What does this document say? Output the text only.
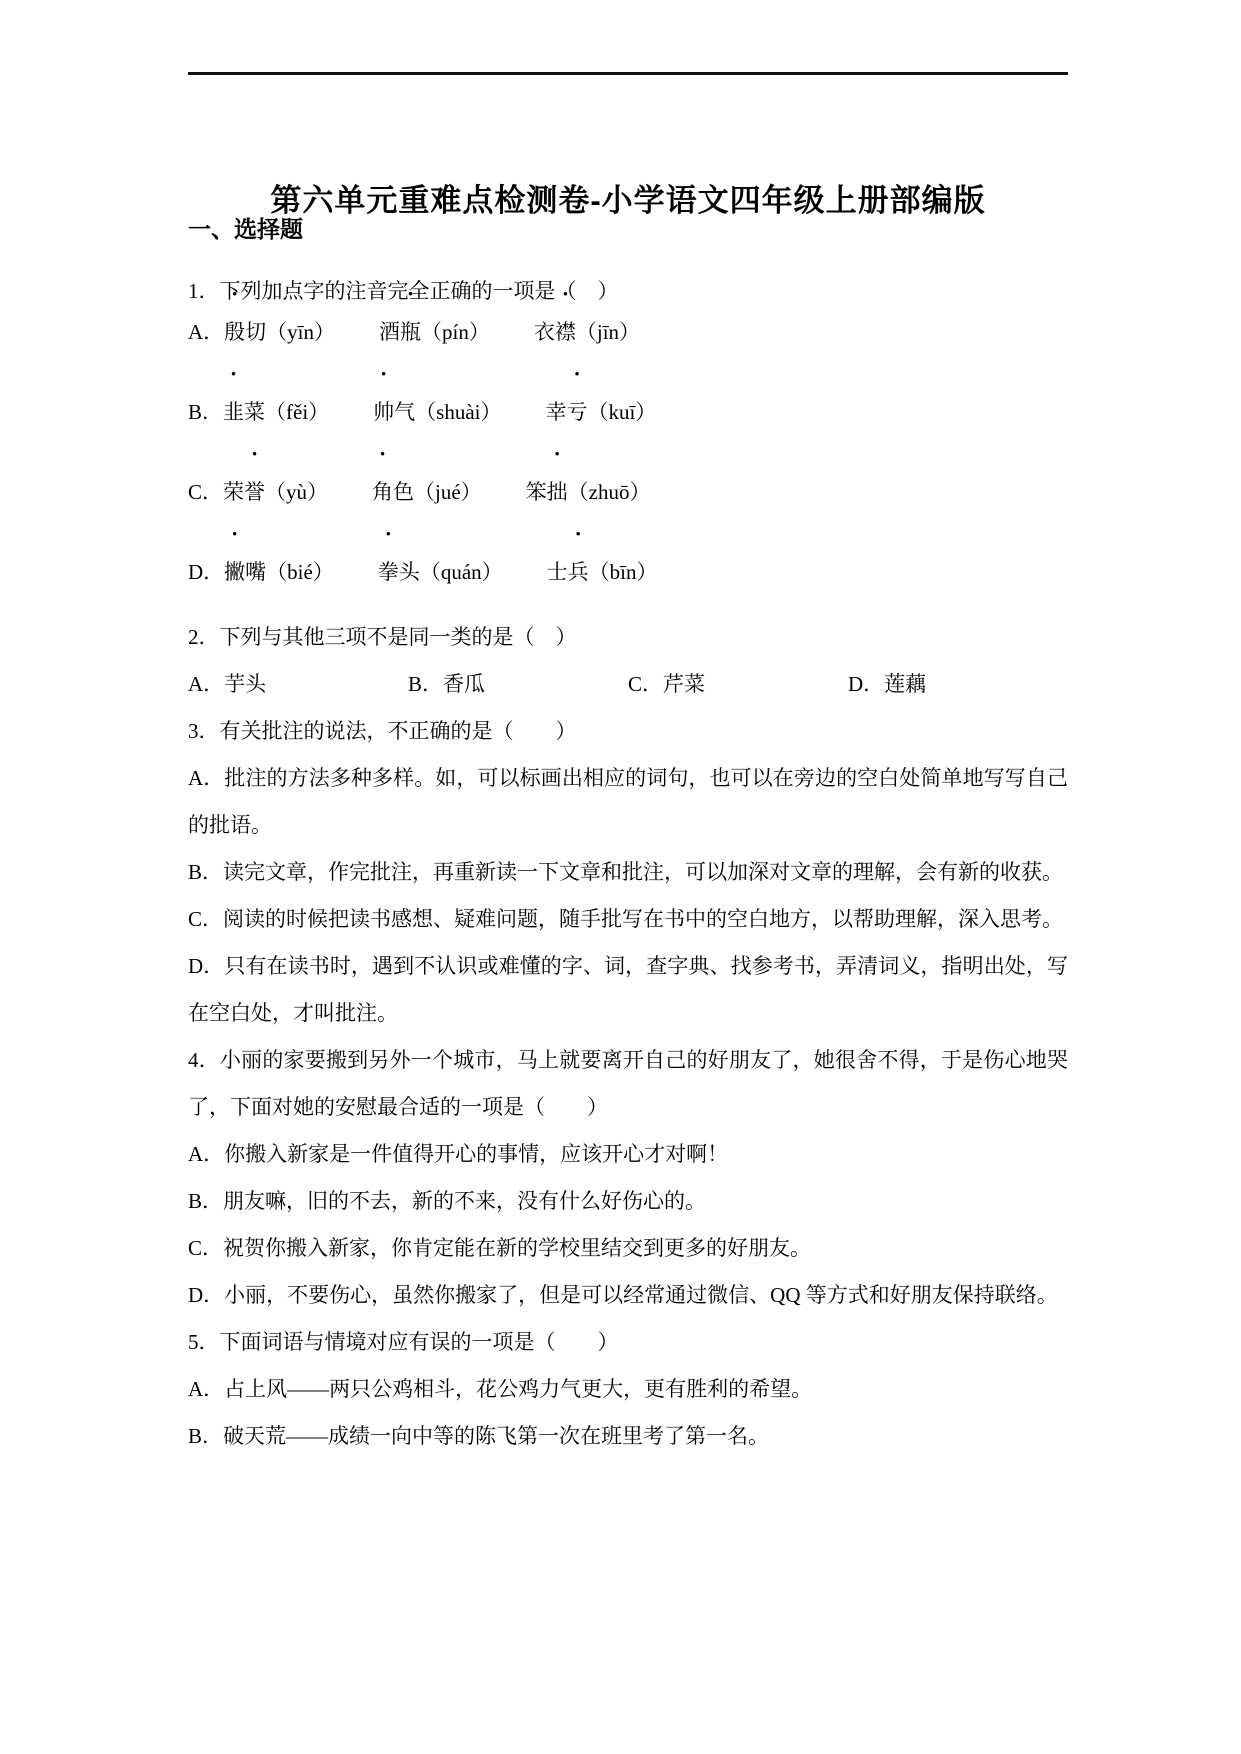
第六单元重难点检测卷-小学语文四年级上册部编版
一、选择题

1．下列加点字的注音完全正确的一项是（　）

A．殷切（yīn） 酒瓶（pín） 衣襟（jīn）
B．韭菜（fěi） 帅气（shuài） 幸亏（kuī）
C．荣誉（yù） 角色（jué） 笨拙（zhuō）
D．撇嘴（bié） 拳头（quán） 士兵（bīn）

2．下列与其他三项不是同一类的是（　）

A．芋头	B．香瓜	C．芹菜	D．莲藕

3．有关批注的说法，不正确的是（　　）

A．批注的方法多种多样。如，可以标画出相应的词句，也可以在旁边的空白处简单地写写自己的批语。

B．读完文章，作完批注，再重新读一下文章和批注，可以加深对文章的理解，会有新的收获。

C．阅读的时候把读书感想、疑难问题，随手批写在书中的空白地方，以帮助理解，深入思考。

D．只有在读书时，遇到不认识或难懂的字、词，查字典、找参考书，弄清词义，指明出处，写在空白处，才叫批注。

4．小丽的家要搬到另外一个城市，马上就要离开自己的好朋友了，她很舍不得，于是伤心地哭了，下面对她的安慰最合适的一项是（　　）

A．你搬入新家是一件值得开心的事情，应该开心才对啊！

B．朋友嘛，旧的不去，新的不来，没有什么好伤心的。

C．祝贺你搬入新家，你肯定能在新的学校里结交到更多的好朋友。

D．小丽，不要伤心，虽然你搬家了，但是可以经常通过微信、QQ 等方式和好朋友保持联络。

5．下面词语与情境对应有误的一项是（　　）

A．占上风——两只公鸡相斗，花公鸡力气更大，更有胜利的希望。

B．破天荒——成绩一向中等的陈飞第一次在班里考了第一名。
